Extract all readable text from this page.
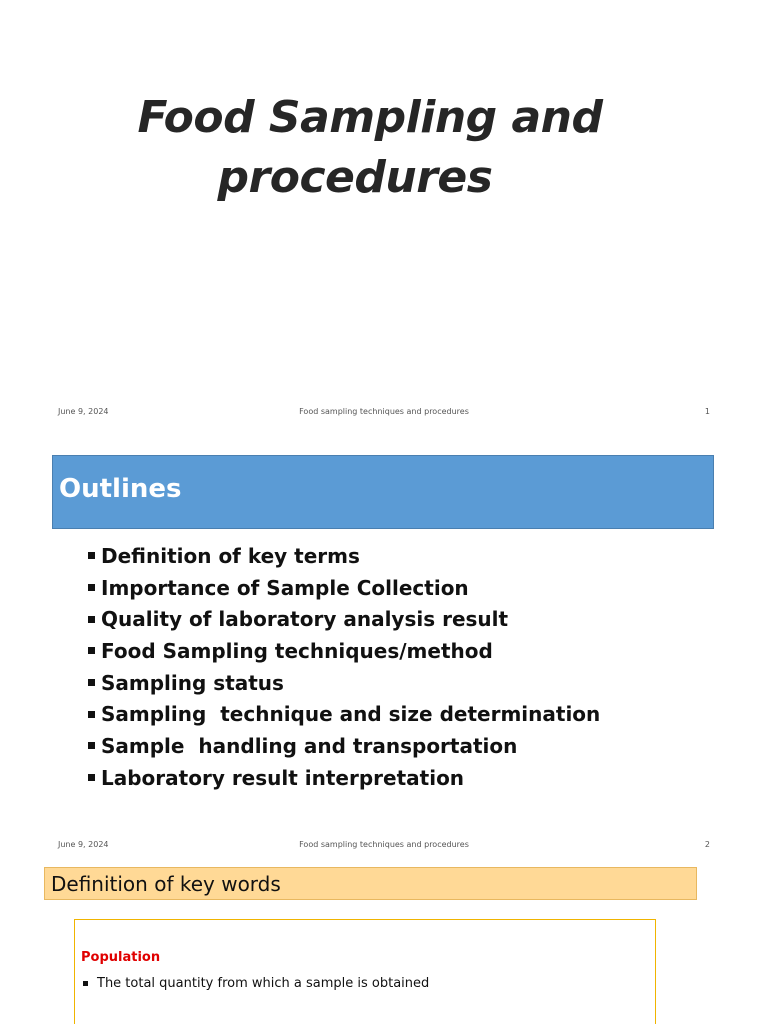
Food Sampling and
procedures
June 9, 2024	Food sampling techniques and procedures	1
Outlines
Definition of key terms
Importance of Sample Collection
Quality of laboratory analysis result
Food Sampling techniques/method
Sampling status
Sampling  technique and size determination
Sample  handling and transportation
Laboratory result interpretation
June 9, 2024	Food sampling techniques and procedures	2
Definition of key words

Population

The total quantity from which a sample is obtained
